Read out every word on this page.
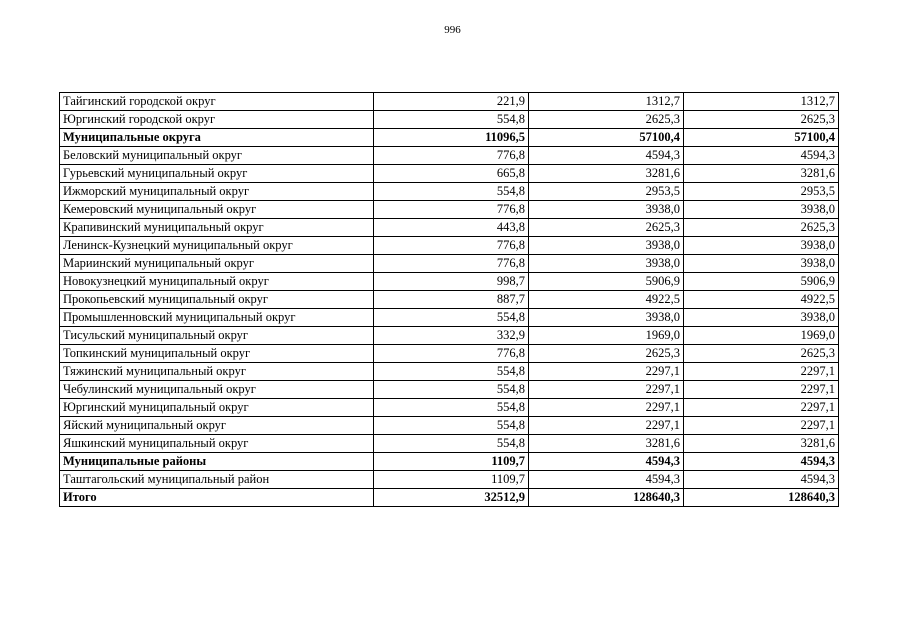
996
Тайгинский городской округ	221,9	1312,7	1312,7
Юргинский городской округ	554,8	2625,3	2625,3
Муниципальные округа	11096,5	57100,4	57100,4
Беловский муниципальный округ	776,8	4594,3	4594,3
Гурьевский муниципальный округ	665,8	3281,6	3281,6
Ижморский муниципальный округ	554,8	2953,5	2953,5
Кемеровский муниципальный округ	776,8	3938,0	3938,0
Крапивинский муниципальный округ	443,8	2625,3	2625,3
Ленинск-Кузнецкий муниципальный округ	776,8	3938,0	3938,0
Мариинский муниципальный округ	776,8	3938,0	3938,0
Новокузнецкий муниципальный округ	998,7	5906,9	5906,9
Прокопьевский муниципальный округ	887,7	4922,5	4922,5
Промышленновский муниципальный округ	554,8	3938,0	3938,0
Тисульский муниципальный округ	332,9	1969,0	1969,0
Топкинский муниципальный округ	776,8	2625,3	2625,3
Тяжинский муниципальный округ	554,8	2297,1	2297,1
Чебулинский муниципальный округ	554,8	2297,1	2297,1
Юргинский муниципальный округ	554,8	2297,1	2297,1
Яйский муниципальный округ	554,8	2297,1	2297,1
Яшкинский муниципальный округ	554,8	3281,6	3281,6
Муниципальные районы	1109,7	4594,3	4594,3
Таштагольский муниципальный район	1109,7	4594,3	4594,3
Итого	32512,9	128640,3	128640,3
